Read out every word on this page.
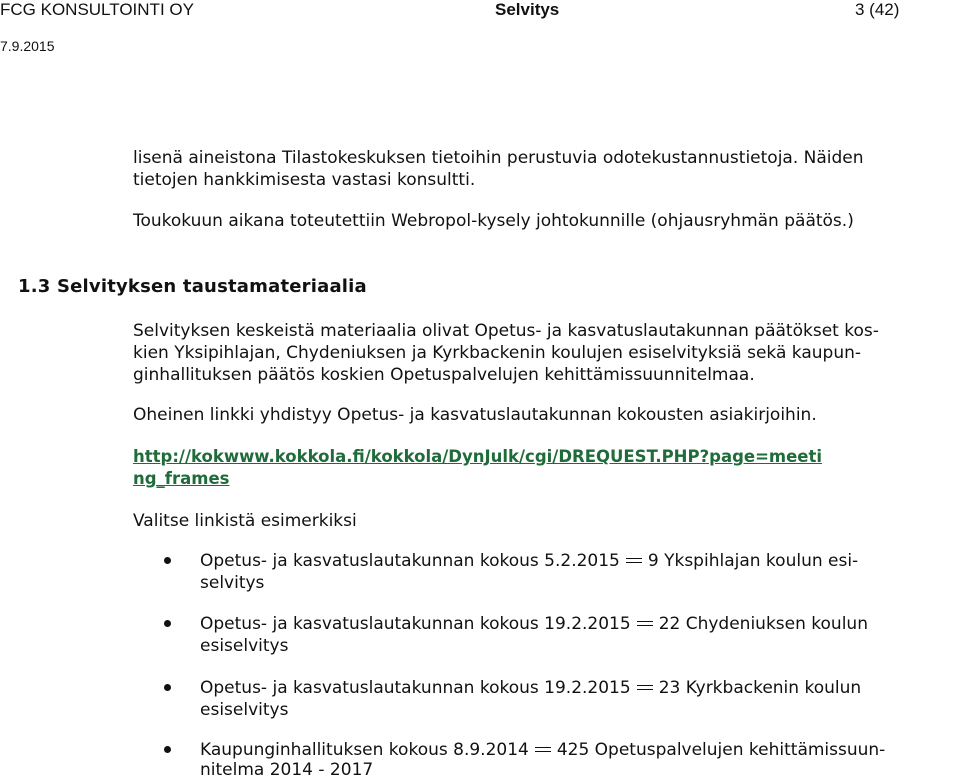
FCG KONSULTOINTI OY	Selvitys	3 (42)
7.9.2015
lisenä aineistona Tilastokeskuksen tietoihin perustuvia odotekustannustietoja. Näiden
tietojen hankkimisesta vastasi konsultti.
Toukokuun aikana toteutettiin Webropol-kysely johtokunnille (ohjausryhmän päätös.)
1.3 Selvityksen taustamateriaalia
Selvityksen keskeistä materiaalia olivat Opetus- ja kasvatuslautakunnan päätökset kos-
kien Yksipihlajan, Chydeniuksen ja Kyrkbackenin koulujen esiselvityksiä sekä kaupun-
ginhallituksen päätös koskien Opetuspalvelujen kehittämissuunnitelmaa.
Oheinen linkki yhdistyy Opetus- ja kasvatuslautakunnan kokousten asiakirjoihin.
http://kokwww.kokkola.fi/kokkola/DynJulk/cgi/DREQUEST.PHP?page=meeti
ng_frames
Valitse linkistä esimerkiksi
Opetus- ja kasvatuslautakunnan kokous 5.2.2015 9 Ykspihlajan koulun esi-
selvitys
Opetus- ja kasvatuslautakunnan kokous 19.2.2015 22 Chydeniuksen koulun
esiselvitys
Opetus- ja kasvatuslautakunnan kokous 19.2.2015 23 Kyrkbackenin koulun
esiselvitys
Kaupunginhallituksen kokous 8.9.2014 425 Opetuspalvelujen kehittämissuun-
nitelma 2014 - 2017
